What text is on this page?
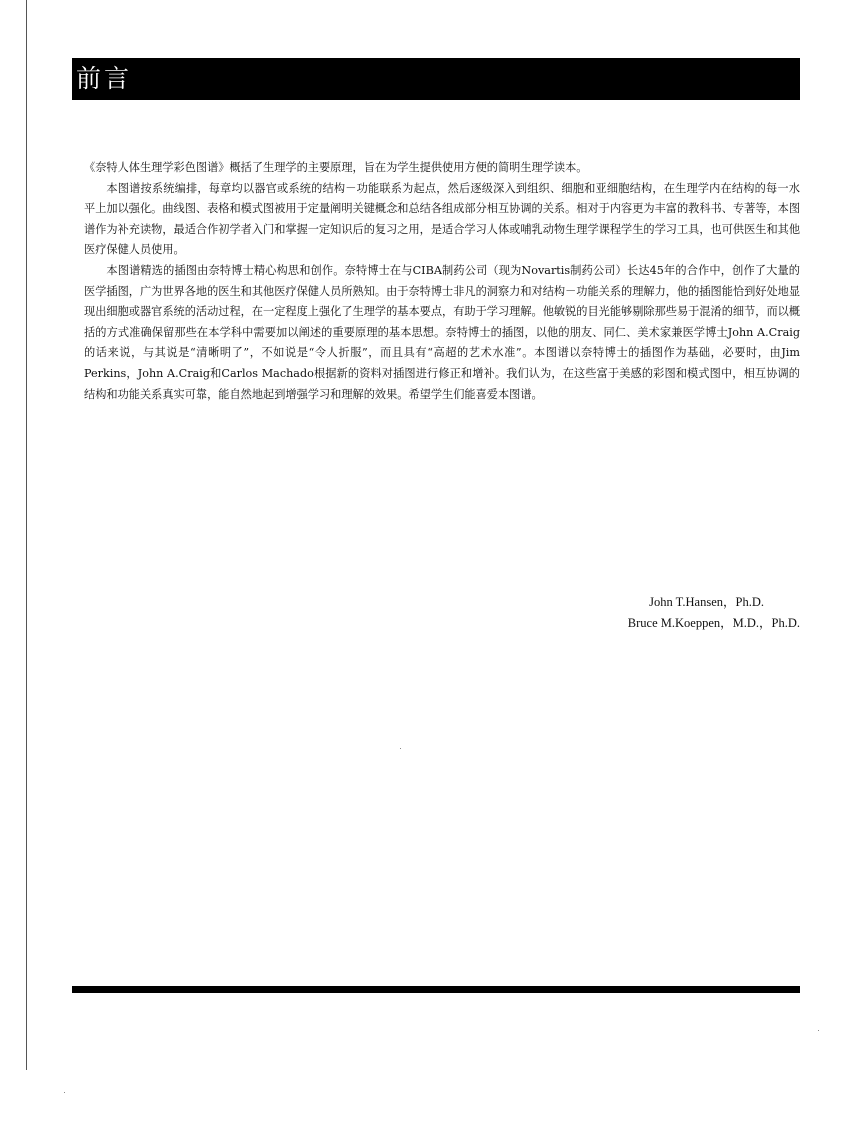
前言

《奈特人体生理学彩色图谱》概括了生理学的主要原理，旨在为学生提供使用方便的简明生理学读本。

本图谱按系统编排，每章均以器官或系统的结构－功能联系为起点，然后逐级深入到组织、细胞和亚细胞结构，在生理学内在结构的每一水平上加以强化。曲线图、表格和模式图被用于定量阐明关键概念和总结各组成部分相互协调的关系。相对于内容更为丰富的教科书、专著等，本图谱作为补充读物，最适合作初学者入门和掌握一定知识后的复习之用，是适合学习人体或哺乳动物生理学课程学生的学习工具，也可供医生和其他医疗保健人员使用。

本图谱精选的插图由奈特博士精心构思和创作。奈特博士在与CIBA制药公司（现为Novartis制药公司）长达45年的合作中，创作了大量的医学插图，广为世界各地的医生和其他医疗保健人员所熟知。由于奈特博士非凡的洞察力和对结构－功能关系的理解力，他的插图能恰到好处地显现出细胞或器官系统的活动过程，在一定程度上强化了生理学的基本要点，有助于学习理解。他敏锐的目光能够剔除那些易于混淆的细节，而以概括的方式准确保留那些在本学科中需要加以阐述的重要原理的基本思想。奈特博士的插图，以他的朋友、同仁、美术家兼医学博士John A.Craig的话来说，与其说是“清晰明了”，不如说是“令人折服”，而且具有“高超的艺术水准”。本图谱以奈特博士的插图作为基础，必要时，由Jim Perkins，John A.Craig和Carlos Machado根据新的资料对插图进行修正和增补。我们认为，在这些富于美感的彩图和模式图中，相互协调的结构和功能关系真实可靠，能自然地起到增强学习和理解的效果。希望学生们能喜爱本图谱。

John T.Hansen，Ph.D.
Bruce M.Koeppen，M.D.，Ph.D.
